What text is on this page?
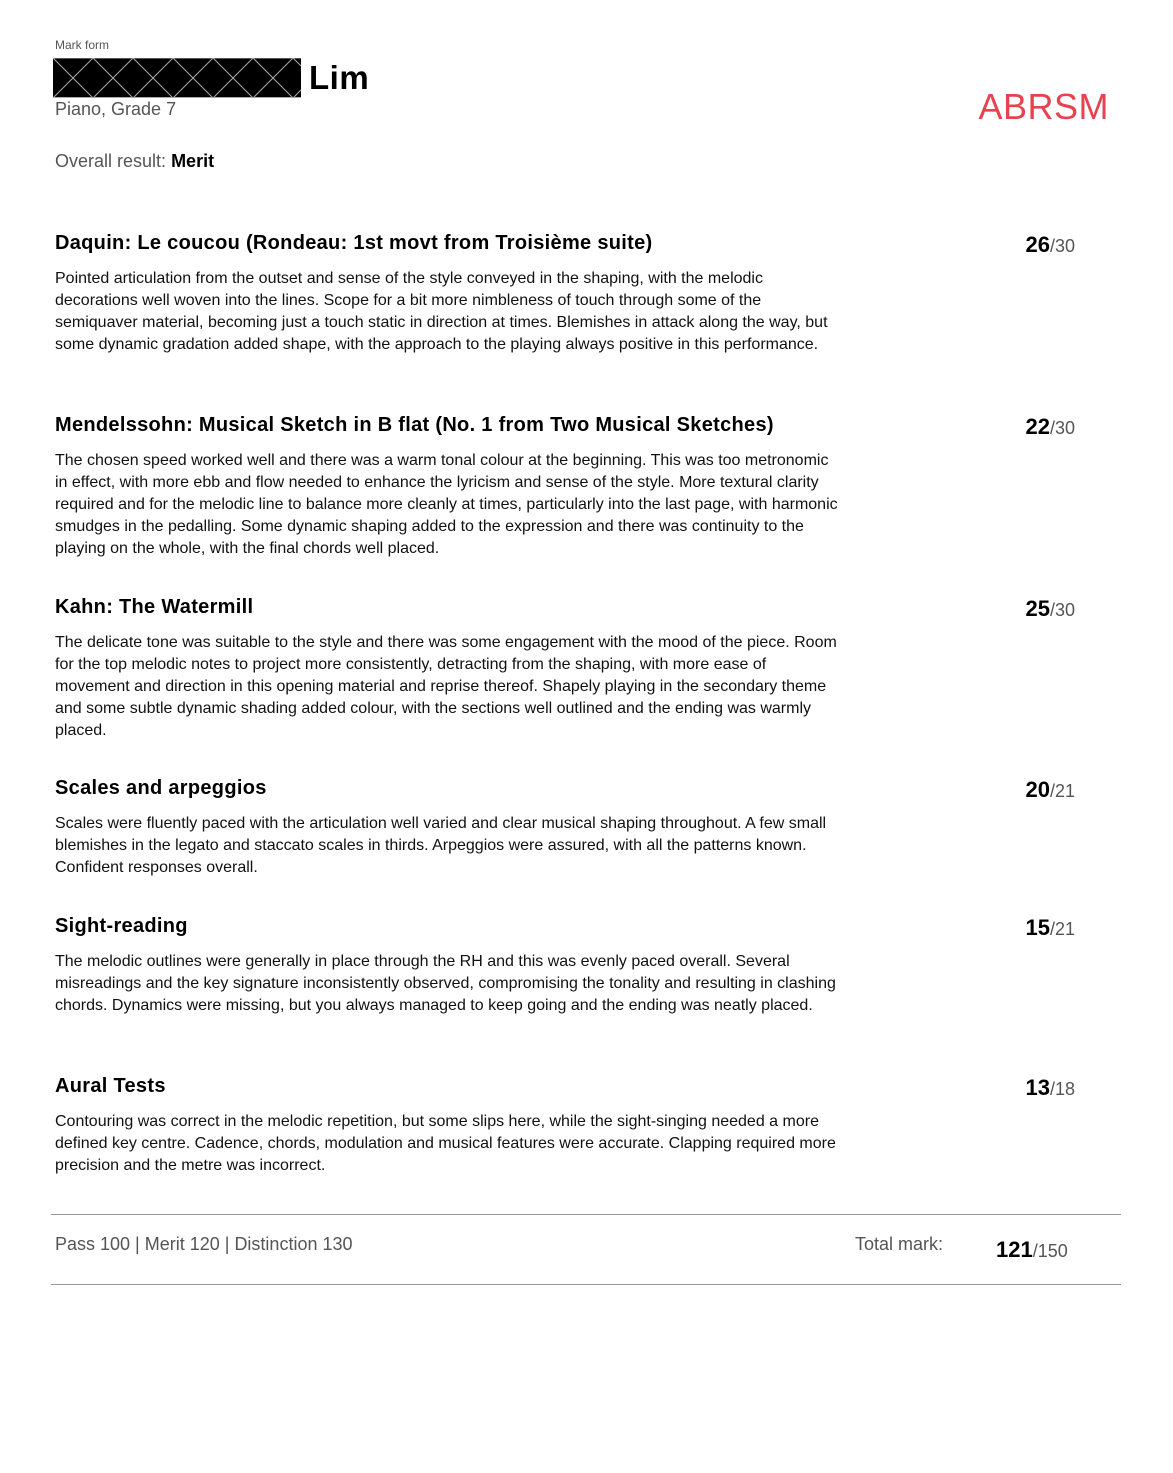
Mark form
Lim
Piano, Grade 7	ABRSM
Overall result: Merit
Daquin: Le coucou (Rondeau: 1st movt from Troisième suite)	26/30

Pointed articulation from the outset and sense of the style conveyed in the shaping, with the melodic decorations well woven into the lines. Scope for a bit more nimbleness of touch through some of the semiquaver material, becoming just a touch static in direction at times. Blemishes in attack along the way, but some dynamic gradation added shape, with the approach to the playing always positive in this performance.

Mendelssohn: Musical Sketch in B flat (No. 1 from Two Musical Sketches)	22/30

The chosen speed worked well and there was a warm tonal colour at the beginning. This was too metronomic in effect, with more ebb and flow needed to enhance the lyricism and sense of the style. More textural clarity required and for the melodic line to balance more cleanly at times, particularly into the last page, with harmonic smudges in the pedalling. Some dynamic shaping added to the expression and there was continuity to the playing on the whole, with the final chords well placed.

Kahn: The Watermill	25/30

The delicate tone was suitable to the style and there was some engagement with the mood of the piece. Room for the top melodic notes to project more consistently, detracting from the shaping, with more ease of movement and direction in this opening material and reprise thereof. Shapely playing in the secondary theme and some subtle dynamic shading added colour, with the sections well outlined and the ending was warmly placed.

Scales and arpeggios	20/21

Scales were fluently paced with the articulation well varied and clear musical shaping throughout. A few small blemishes in the legato and staccato scales in thirds. Arpeggios were assured, with all the patterns known. Confident responses overall.

Sight-reading	15/21

The melodic outlines were generally in place through the RH and this was evenly paced overall. Several misreadings and the key signature inconsistently observed, compromising the tonality and resulting in clashing chords. Dynamics were missing, but you always managed to keep going and the ending was neatly placed.

Aural Tests	13/18

Contouring was correct in the melodic repetition, but some slips here, while the sight-singing needed a more defined key centre. Cadence, chords, modulation and musical features were accurate. Clapping required more precision and the metre was incorrect.

Pass 100 | Merit 120 | Distinction 130	Total mark: 121/150
